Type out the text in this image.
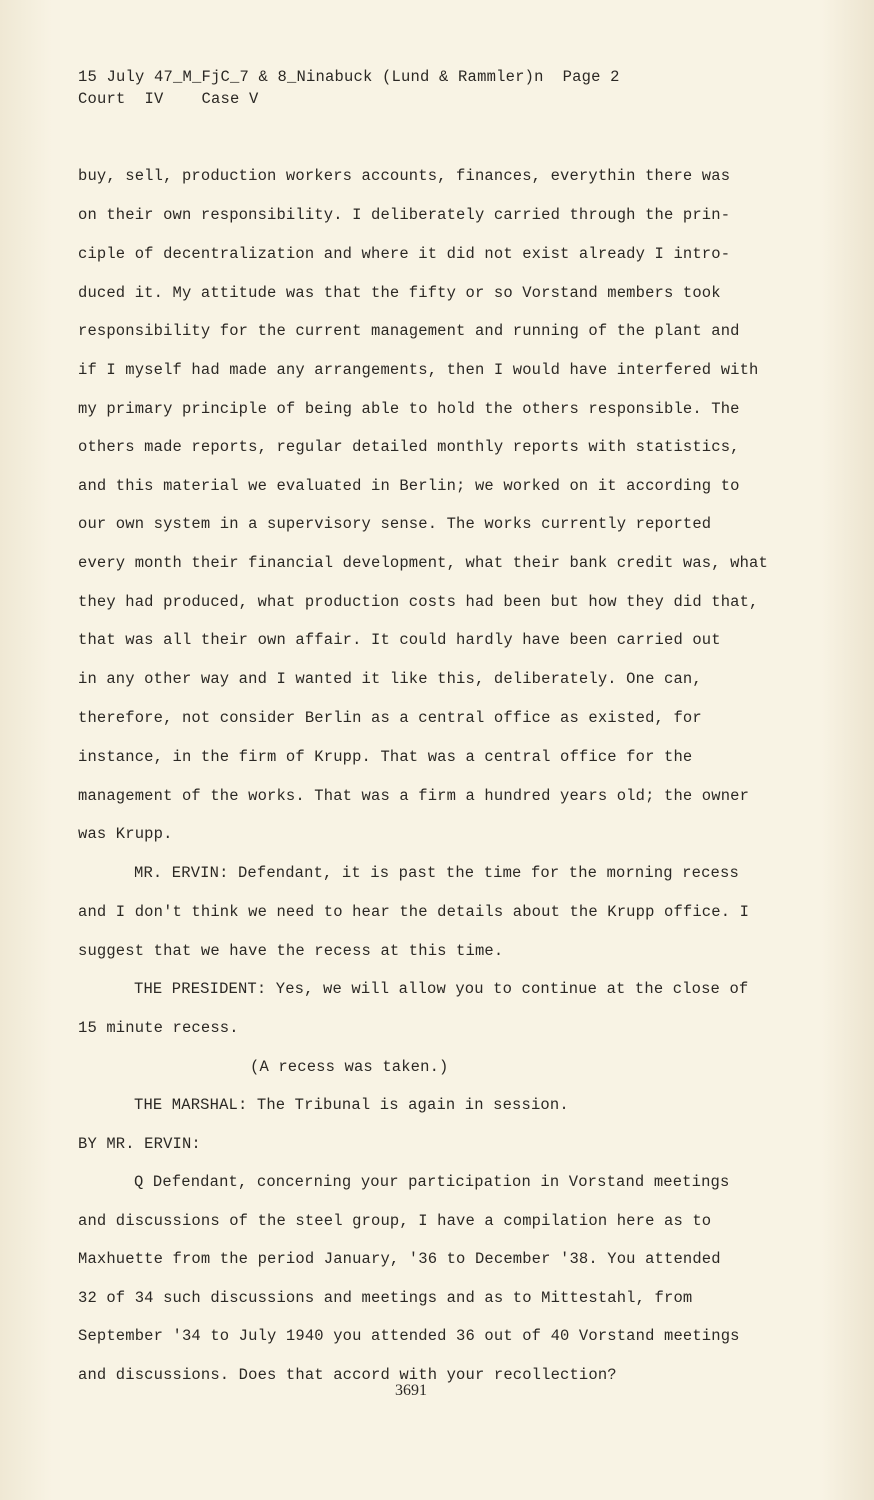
15 July 47_M_FjC_7 & 8_Ninabuck (Lund & Rammler)n  Page 2
Court  IV    Case V
buy, sell, production workers accounts, finances, everythin there was
on their own responsibility. I deliberately carried through the prin-
ciple of decentralization and where it did not exist already I intro-
duced it. My attitude was that the fifty or so Vorstand members took
responsibility for the current management and running of the plant and
if I myself had made any arrangements, then I would have interfered with
my primary principle of being able to hold the others responsible. The
others made reports, regular detailed monthly reports with statistics,
and this material we evaluated in Berlin; we worked on it according to
our own system in a supervisory sense. The works currently reported
every month their financial development, what their bank credit was, what
they had produced, what production costs had been but how they did that,
that was all their own affair. It could hardly have been carried out
in any other way and I wanted it like this, deliberately. One can,
therefore, not consider Berlin as a central office as existed, for
instance, in the firm of Krupp. That was a central office for the
management of the works. That was a firm a hundred years old; the owner
was Krupp.
MR. ERVIN: Defendant, it is past the time for the morning recess
and I don't think we need to hear the details about the Krupp office. I
suggest that we have the recess at this time.
THE PRESIDENT: Yes, we will allow you to continue at the close of
15 minute recess.
(A recess was taken.)
THE MARSHAL: The Tribunal is again in session.
BY MR. ERVIN:
Q Defendant, concerning your participation in Vorstand meetings
and discussions of the steel group, I have a compilation here as to
Maxhuette from the period January, '36 to December '38. You attended
32 of 34 such discussions and meetings and as to Mittestahl, from
September '34 to July 1940 you attended 36 out of 40 Vorstand meetings
and discussions. Does that accord with your recollection?
3691
